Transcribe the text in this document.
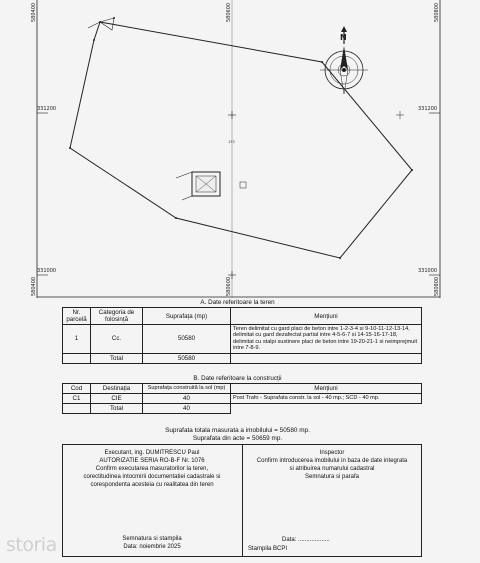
N
331200	331200
331000	331000
580400
580400
580600
580600
580800
580800
133
A. Date referitoare la teren
Nr. parcelă	Categoria de folosință	Suprafața (mp)	Mențiuni
1	Cc.	50580	Teren delimitat cu gard placi de beton intre 1-2-3-4 si 9-10-11-12-13-14, delimitat cu gard dezafectat partial intre 4-5-6-7 si 14-15-16-17-18, delimitat cu stalpi sustinere placi de beton intre 19-20-21-1 si neimprejmuit intre 7-8-9.
	Total	50580	
B. Date referitoare la construcții
Cod	Destinația	Suprafața construită la sol (mp)	Mențiuni
C1	CIE	40	Post Trafo - Suprafata constr. la sol - 40 mp.; SCD - 40 mp.
	Total	40	
Suprafata totala masurata a imobilului = 50580 mp.
Suprafata din acte = 50659 mp.

Executant, ing. DUMITRESCU Paul
AUTORIZATIE SERIA RO-B-F Nr. 1076
Confirm executarea masuratorilor la teren,
corectitudinea intocmirii documentatiei cadastrale si
corespondenta acesteia cu realitatea din teren
Semnatura si stampila
Data: noiembrie 2025
Inspector
Confirm introducerea imobilului in baza de date integrata
si atribuirea numarului cadastral
Semnatura si parafa
Data: ...................
Stampila BCPI
storia
